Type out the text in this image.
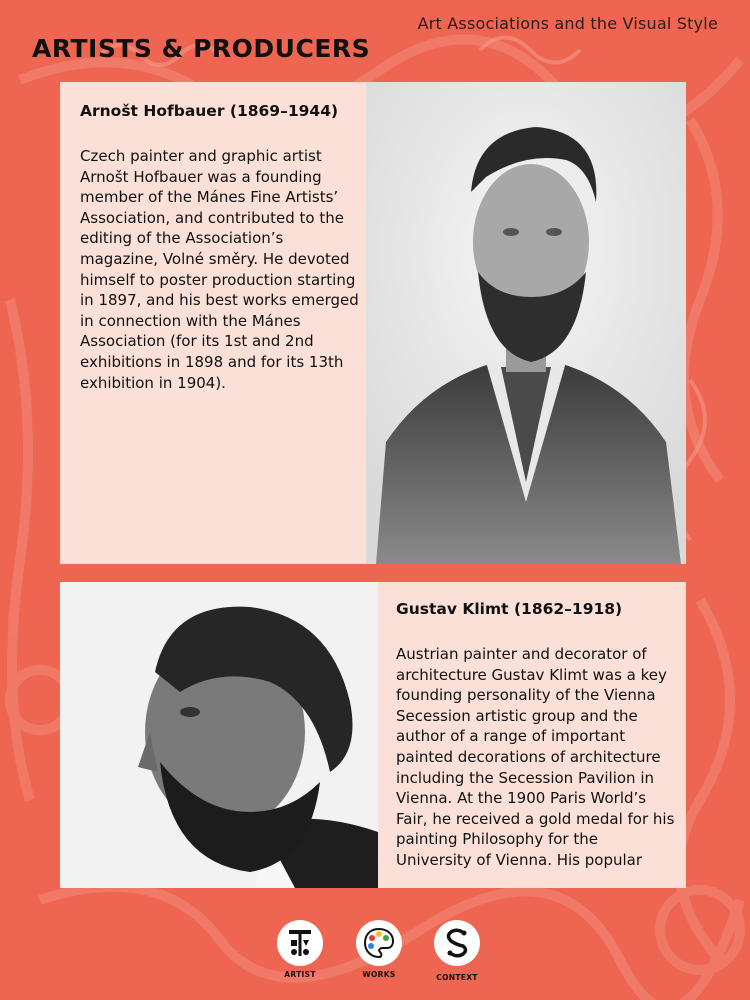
Art Associations and the Visual Style
ARTISTS & PRODUCERS

Arnošt Hofbauer (1869–1944)

Czech painter and graphic artist Arnošt Hofbauer was a founding member of the Mánes Fine Artists’ Association, and contributed to the editing of the Association’s magazine, Volné směry. He devoted himself to poster production starting in 1897, and his best works emerged in connection with the Mánes Association (for its 1st and 2nd exhibitions in 1898 and for its 13th exhibition in 1904).

Gustav Klimt (1862–1918)

Austrian painter and decorator of architecture Gustav Klimt was a key founding personality of the Vienna Secession artistic group and the author of a range of important painted decorations of architecture including the Secession Pavilion in Vienna. At the 1900 Paris World’s Fair, he received a gold medal for his painting Philosophy for the University of Vienna. His popular

ARTIST	WORKS	CONTEXT
